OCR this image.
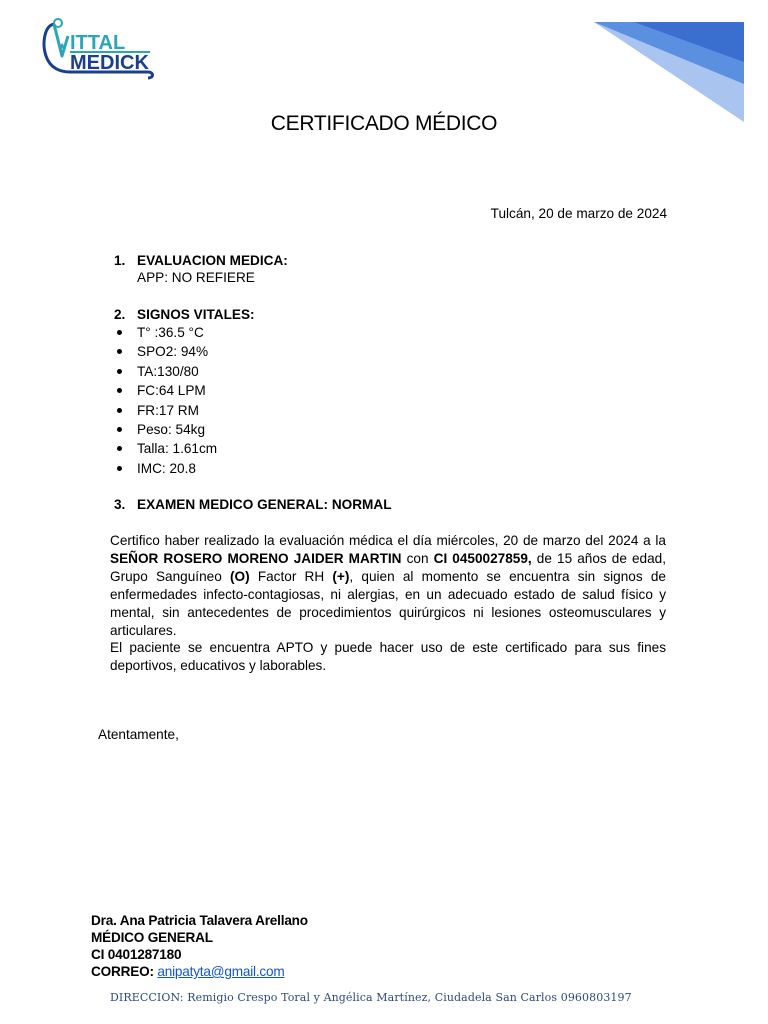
ITTAL
MEDICK
CERTIFICADO MÉDICO
Tulcán, 20 de marzo de 2024
1. EVALUACION MEDICA:
APP: NO REFIERE
2. SIGNOS VITALES:
T° :36.5 °C
SPO2: 94%
TA:130/80
FC:64 LPM
FR:17 RM
Peso: 54kg
Talla: 1.61cm
IMC: 20.8
3. EXAMEN MEDICO GENERAL: NORMAL
Certifico haber realizado la evaluación médica el día miércoles, 20 de marzo del 2024 a la SEÑOR ROSERO MORENO JAIDER MARTIN con CI 0450027859, de 15 años de edad, Grupo Sanguíneo (O) Factor RH (+), quien al momento se encuentra sin signos de enfermedades infecto-contagiosas, ni alergias, en un adecuado estado de salud físico y mental, sin antecedentes de procedimientos quirúrgicos ni lesiones osteomusculares y articulares.
El paciente se encuentra APTO y puede hacer uso de este certificado para sus fines deportivos, educativos y laborables.
Atentamente,
Dra. Ana Patricia Talavera Arellano
MÉDICO GENERAL
CI 0401287180
CORREO: anipatyta@gmail.com
DIRECCION: Remigio Crespo Toral y Angélica Martínez, Ciudadela San Carlos 0960803197
